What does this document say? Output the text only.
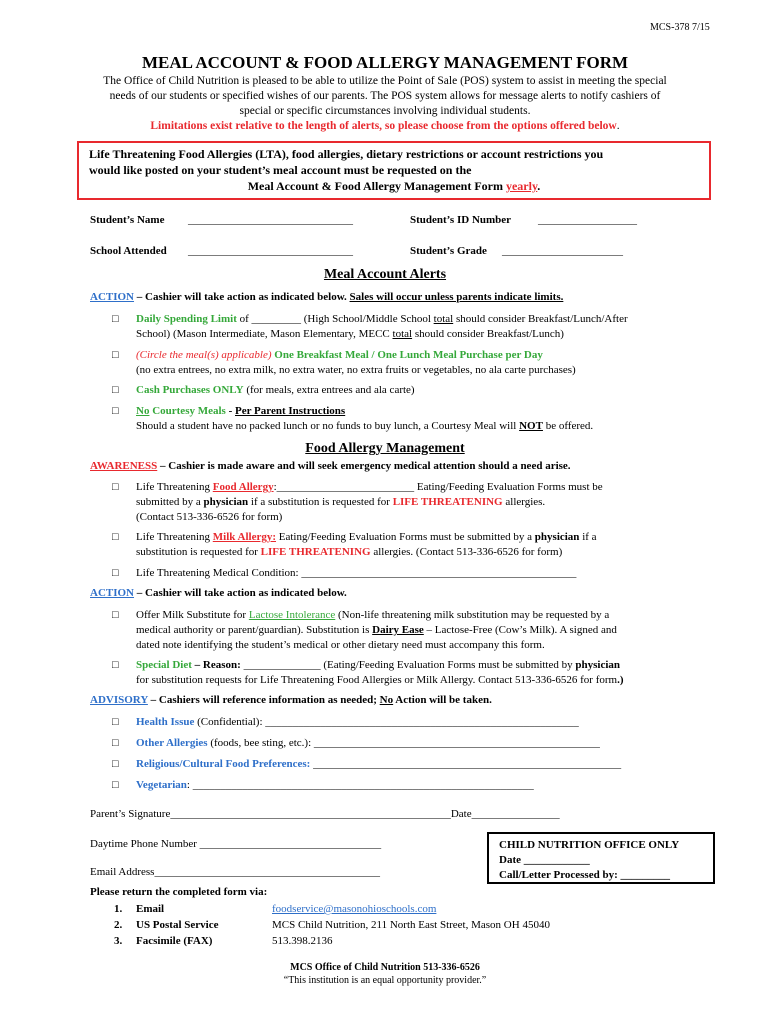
MCS-378 7/15
MEAL ACCOUNT & FOOD ALLERGY MANAGEMENT FORM

The Office of Child Nutrition is pleased to be able to utilize the Point of Sale (POS) system to assist in meeting the special

needs of our students or specified wishes of our parents. The POS system allows for message alerts to notify cashiers of

special or specific circumstances involving individual students.

Limitations exist relative to the length of alerts, so please choose from the options offered below.

Life Threatening Food Allergies (LTA), food allergies, dietary restrictions or account restrictions you
would like posted on your student’s meal account must be requested on the
Meal Account & Food Allergy Management Form yearly.
Student’s Name ______________________________	Student’s ID Number __________________
School Attended ______________________________	Student’s Grade ______________________
Meal Account Alerts
ACTION – Cashier will take action as indicated below. Sales will occur unless parents indicate limits.
□ Daily Spending Limit of _________ (High School/Middle School total should consider Breakfast/Lunch/After

School) (Mason Intermediate, Mason Elementary, MECC total should consider Breakfast/Lunch)

□ (Circle the meal(s) applicable) One Breakfast Meal / One Lunch Meal Purchase per Day

(no extra entrees, no extra milk, no extra water, no extra fruits or vegetables, no ala carte purchases)

□ Cash Purchases ONLY (for meals, extra entrees and ala carte)

□ No Courtesy Meals - Per Parent Instructions

Should a student have no packed lunch or no funds to buy lunch, a Courtesy Meal will NOT be offered.

Food Allergy Management
AWARENESS – Cashier is made aware and will seek emergency medical attention should a need arise.
□ Life Threatening Food Allergy:_________________________ Eating/Feeding Evaluation Forms must be

submitted by a physician if a substitution is requested for LIFE THREATENING allergies.

(Contact 513-336-6526 for form)

□ Life Threatening Milk Allergy: Eating/Feeding Evaluation Forms must be submitted by a physician if a

substitution is requested for LIFE THREATENING allergies. (Contact 513-336-6526 for form)

□ Life Threatening Medical Condition: __________________________________________________
ACTION – Cashier will take action as indicated below.
□ Offer Milk Substitute for Lactose Intolerance (Non-life threatening milk substitution may be requested by a

medical authority or parent/guardian). Substitution is Dairy Ease – Lactose-Free (Cow’s Milk). A signed and

dated note identifying the student’s medical or other dietary need must accompany this form.

□ Special Diet – Reason: ______________ (Eating/Feeding Evaluation Forms must be submitted by physician

for substitution requests for Life Threatening Food Allergies or Milk Allergy. Contact 513-336-6526 for form.)

ADVISORY – Cashiers will reference information as needed; No Action will be taken.
□ Health Issue (Confidential): _________________________________________________________
□ Other Allergies (foods, bee sting, etc.): ____________________________________________________
□ Religious/Cultural Food Preferences: ________________________________________________________
□ Vegetarian: ______________________________________________________________
Parent’s Signature___________________________________________________Date________________
Daytime Phone Number _________________________________
Email Address_________________________________________

CHILD NUTRITION OFFICE ONLY

Date ____________

Call/Letter Processed by: _________

Please return the completed form via:

1. Email

2. US Postal Service

3. Facsimile (FAX)

foodservice@masonohioschools.com

MCS Child Nutrition, 211 North East Street, Mason OH 45040

513.398.2136

MCS Office of Child Nutrition 513-336-6526
“This institution is an equal opportunity provider.”
